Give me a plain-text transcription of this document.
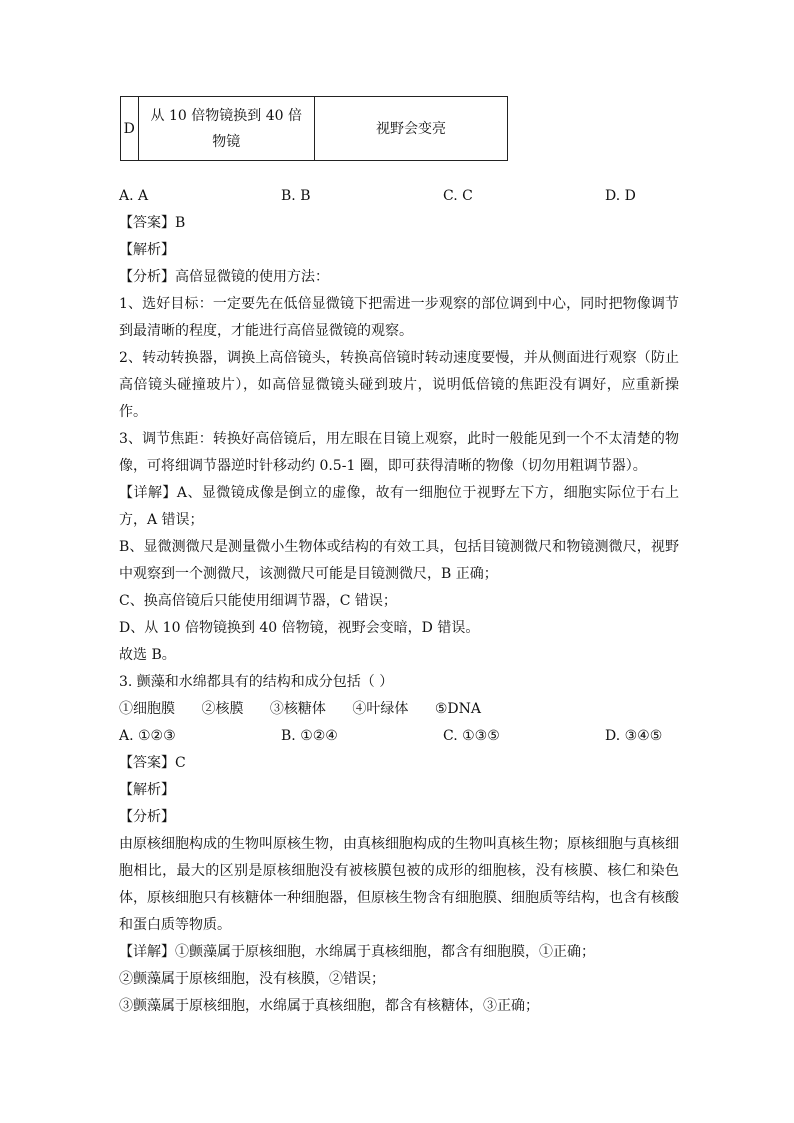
D	从 10 倍物镜换到 40 倍物镜	视野会变亮
A. A	B. B	C. C	D. D

【答案】B

【解析】

【分析】高倍显微镜的使用方法：

1、选好目标：一定要先在低倍显微镜下把需进一步观察的部位调到中心，同时把物像调节到最清晰的程度，才能进行高倍显微镜的观察。

2、转动转换器，调换上高倍镜头，转换高倍镜时转动速度要慢，并从侧面进行观察（防止高倍镜头碰撞玻片），如高倍显微镜头碰到玻片，说明低倍镜的焦距没有调好，应重新操作。

3、调节焦距：转换好高倍镜后，用左眼在目镜上观察，此时一般能见到一个不太清楚的物像，可将细调节器逆时针移动约 0.5-1 圈，即可获得清晰的物像（切勿用粗调节器）。

【详解】A、显微镜成像是倒立的虚像，故有一细胞位于视野左下方，细胞实际位于右上方，A 错误；

B、显微测微尺是测量微小生物体或结构的有效工具，包括目镜测微尺和物镜测微尺，视野中观察到一个测微尺，该测微尺可能是目镜测微尺，B 正确；

C、换高倍镜后只能使用细调节器，C 错误；

D、从 10 倍物镜换到 40 倍物镜，视野会变暗，D 错误。

故选 B。

3. 颤藻和水绵都具有的结构和成分包括（ ）

①细胞膜 ②核膜 ③核糖体 ④叶绿体 ⑤DNA

A. ①②③	B. ①②④	C. ①③⑤	D. ③④⑤

【答案】C

【解析】

【分析】

由原核细胞构成的生物叫原核生物，由真核细胞构成的生物叫真核生物；原核细胞与真核细胞相比，最大的区别是原核细胞没有被核膜包被的成形的细胞核，没有核膜、核仁和染色体，原核细胞只有核糖体一种细胞器，但原核生物含有细胞膜、细胞质等结构，也含有核酸和蛋白质等物质。

【详解】①颤藻属于原核细胞，水绵属于真核细胞，都含有细胞膜，①正确；

②颤藻属于原核细胞，没有核膜，②错误；

③颤藻属于原核细胞，水绵属于真核细胞，都含有核糖体，③正确；
